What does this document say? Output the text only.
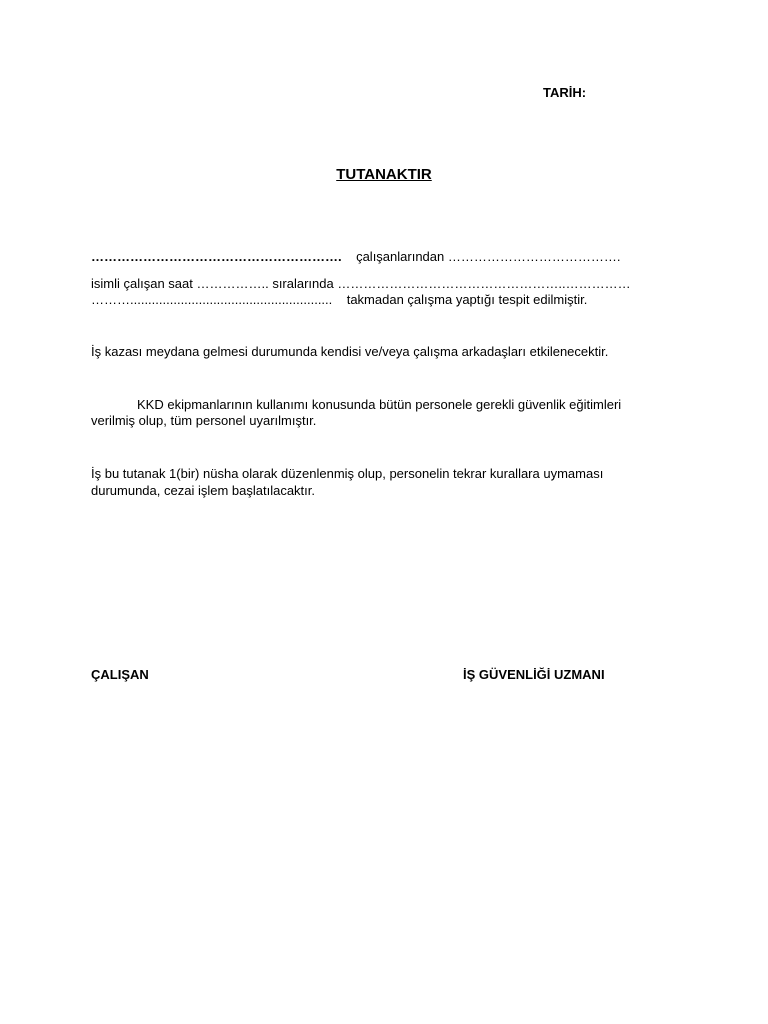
TARİH:
TUTANAKTIR
…………………………………………………. çalışanlarından ………………………………….
isimli çalışan saat …………….. sıralarında ……………………………………………..……………
………........................................................ takmadan çalışma yaptığı tespit edilmiştir.
İş kazası meydana gelmesi durumunda kendisi ve/veya çalışma arkadaşları etkilenecektir.
KKD ekipmanlarının kullanımı konusunda bütün personele gerekli güvenlik eğitimleri
verilmiş olup, tüm personel uyarılmıştır.
İş bu tutanak 1(bir) nüsha olarak düzenlenmiş olup, personelin tekrar kurallara uymaması
durumunda, cezai işlem başlatılacaktır.
ÇALIŞAN	İŞ GÜVENLİĞİ UZMANI
